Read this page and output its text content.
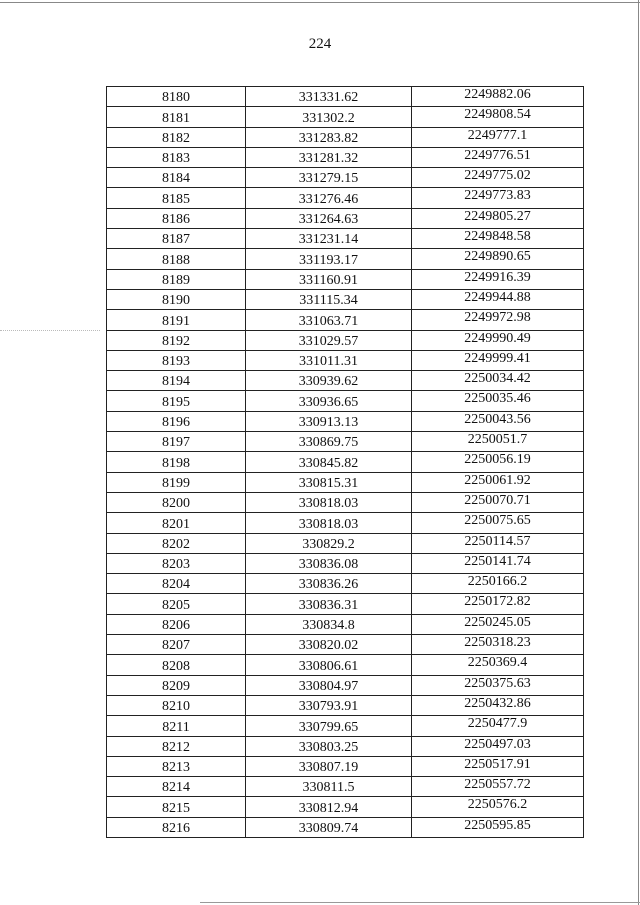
224
8180	331331.62	2249882.06
8181	331302.2	2249808.54
8182	331283.82	2249777.1
8183	331281.32	2249776.51
8184	331279.15	2249775.02
8185	331276.46	2249773.83
8186	331264.63	2249805.27
8187	331231.14	2249848.58
8188	331193.17	2249890.65
8189	331160.91	2249916.39
8190	331115.34	2249944.88
8191	331063.71	2249972.98
8192	331029.57	2249990.49
8193	331011.31	2249999.41
8194	330939.62	2250034.42
8195	330936.65	2250035.46
8196	330913.13	2250043.56
8197	330869.75	2250051.7
8198	330845.82	2250056.19
8199	330815.31	2250061.92
8200	330818.03	2250070.71
8201	330818.03	2250075.65
8202	330829.2	2250114.57
8203	330836.08	2250141.74
8204	330836.26	2250166.2
8205	330836.31	2250172.82
8206	330834.8	2250245.05
8207	330820.02	2250318.23
8208	330806.61	2250369.4
8209	330804.97	2250375.63
8210	330793.91	2250432.86
8211	330799.65	2250477.9
8212	330803.25	2250497.03
8213	330807.19	2250517.91
8214	330811.5	2250557.72
8215	330812.94	2250576.2
8216	330809.74	2250595.85
